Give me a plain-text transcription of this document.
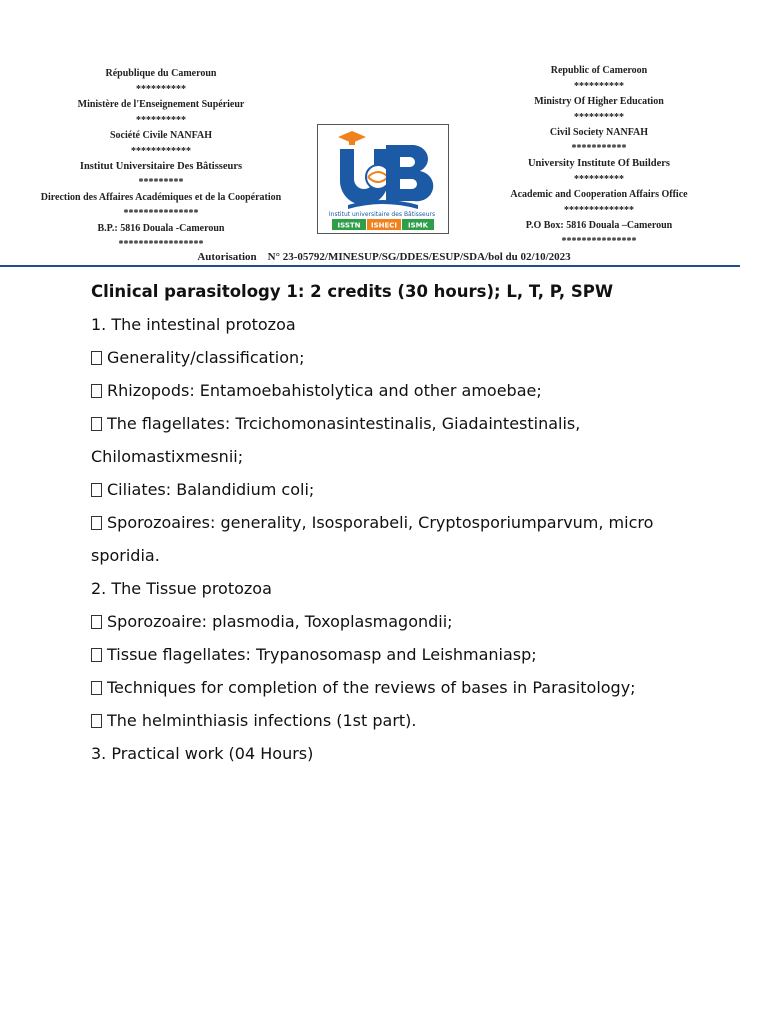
République du Cameroun
**********
Ministère de l'Enseignement Supérieur
**********
Société Civile NANFAH
************
Institut Universitaire Des Bâtisseurs
*********
Direction des Affaires Académiques et de la Coopération
***************
B.P.: 5816 Douala -Cameroun
*****************
Institut universitaire des Bâtisseurs
ISSTN ISHECI ISMK
Republic of Cameroon
**********
Ministry Of Higher Education
**********
Civil Society NANFAH
***********
University Institute Of Builders
**********
Academic and Cooperation Affairs Office
**************
P.O Box: 5816 Douala –Cameroun
***************
Autorisation N° 23-05792/MINESUP/SG/DDES/ESUP/SDA/bol du 02/10/2023

Clinical parasitology 1: 2 credits (30 hours); L, T, P, SPW

1. The intestinal protozoa

Generality/classification;

Rhizopods: Entamoebahistolytica and other amoebae;

The flagellates: Trcichomonasintestinalis, Giadaintestinalis,

Chilomastixmesnii;

Ciliates: Balandidium coli;

Sporozoaires: generality, Isosporabeli, Cryptosporiumparvum, micro

sporidia.

2. The Tissue protozoa

Sporozoaire: plasmodia, Toxoplasmagondii;

Tissue flagellates: Trypanosomasp and Leishmaniasp;

Techniques for completion of the reviews of bases in Parasitology;

The helminthiasis infections (1st part).

3. Practical work (04 Hours)
